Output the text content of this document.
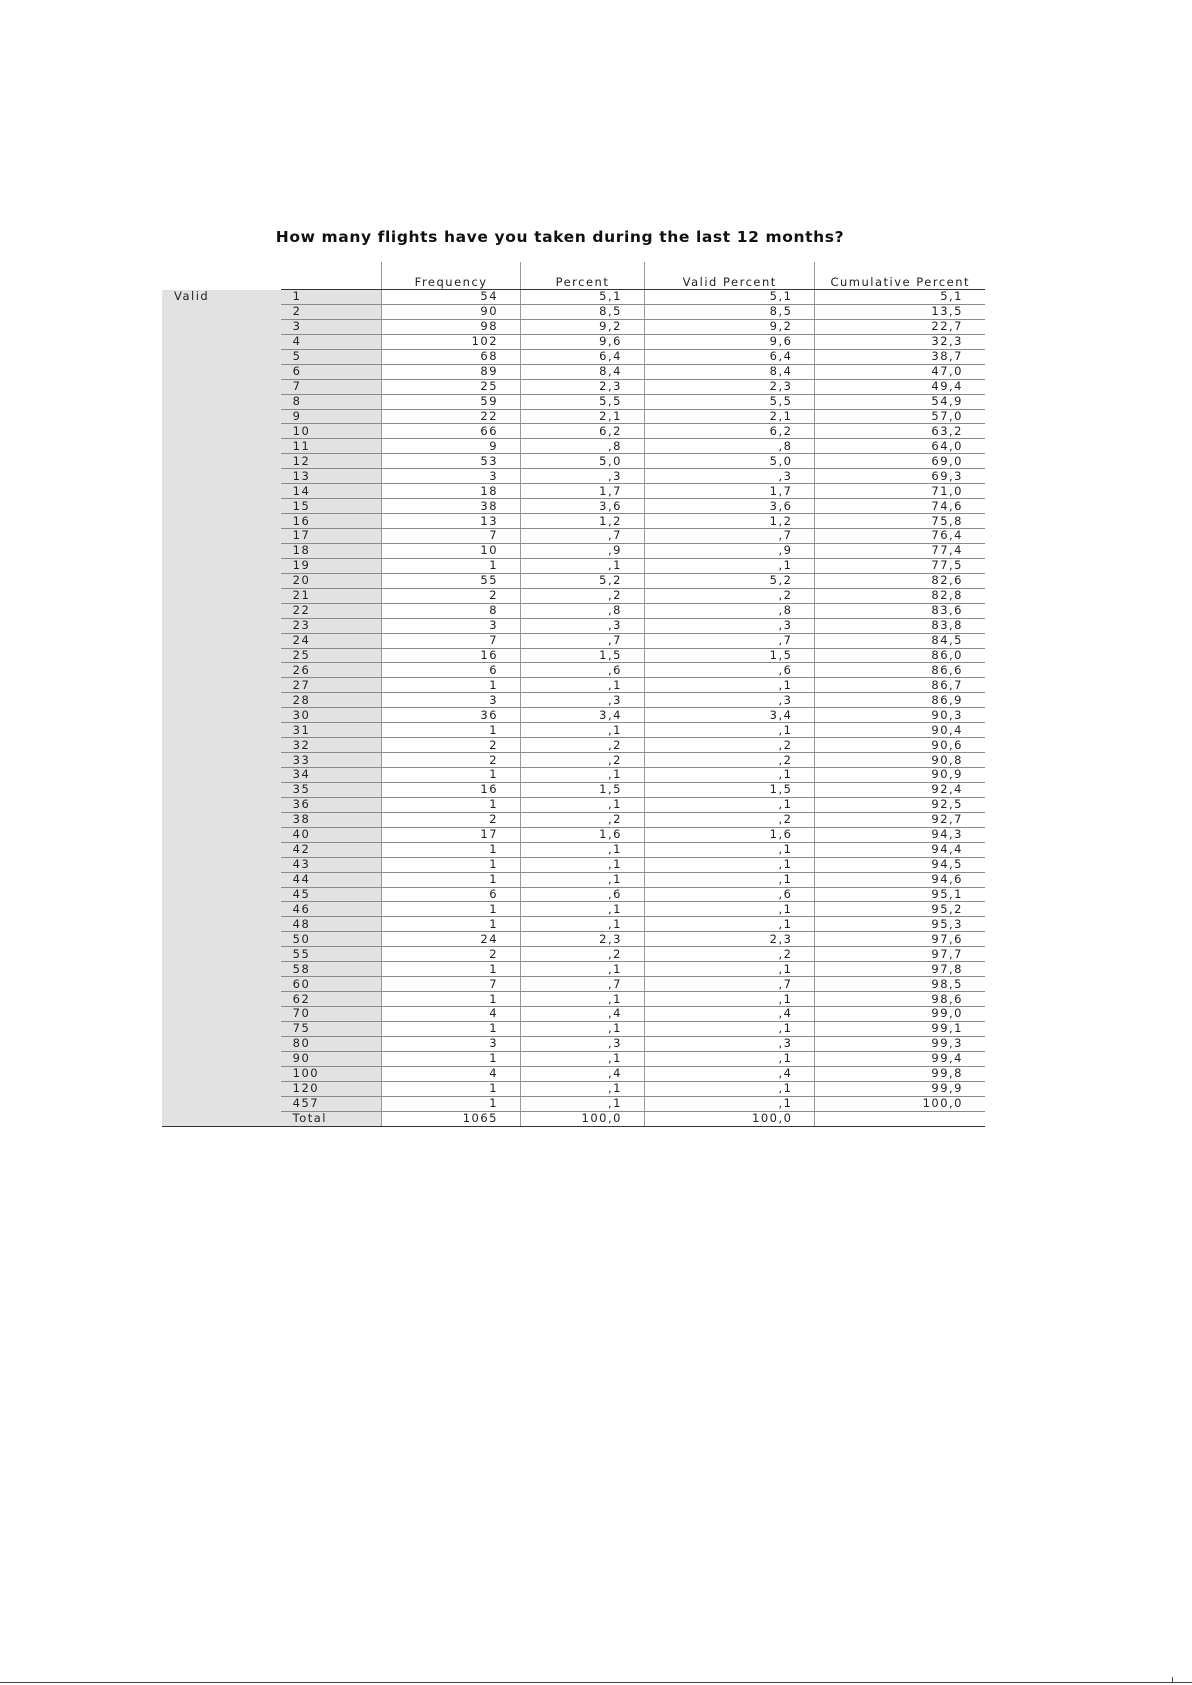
How many flights have you taken during the last 12 months?
		Frequency	Percent	Valid Percent	Cumulative Percent
Valid	1	54	5,1	5,1	5,1
	2	90	8,5	8,5	13,5
	3	98	9,2	9,2	22,7
	4	102	9,6	9,6	32,3
	5	68	6,4	6,4	38,7
	6	89	8,4	8,4	47,0
	7	25	2,3	2,3	49,4
	8	59	5,5	5,5	54,9
	9	22	2,1	2,1	57,0
	10	66	6,2	6,2	63,2
	11	9	,8	,8	64,0
	12	53	5,0	5,0	69,0
	13	3	,3	,3	69,3
	14	18	1,7	1,7	71,0
	15	38	3,6	3,6	74,6
	16	13	1,2	1,2	75,8
	17	7	,7	,7	76,4
	18	10	,9	,9	77,4
	19	1	,1	,1	77,5
	20	55	5,2	5,2	82,6
	21	2	,2	,2	82,8
	22	8	,8	,8	83,6
	23	3	,3	,3	83,8
	24	7	,7	,7	84,5
	25	16	1,5	1,5	86,0
	26	6	,6	,6	86,6
	27	1	,1	,1	86,7
	28	3	,3	,3	86,9
	30	36	3,4	3,4	90,3
	31	1	,1	,1	90,4
	32	2	,2	,2	90,6
	33	2	,2	,2	90,8
	34	1	,1	,1	90,9
	35	16	1,5	1,5	92,4
	36	1	,1	,1	92,5
	38	2	,2	,2	92,7
	40	17	1,6	1,6	94,3
	42	1	,1	,1	94,4
	43	1	,1	,1	94,5
	44	1	,1	,1	94,6
	45	6	,6	,6	95,1
	46	1	,1	,1	95,2
	48	1	,1	,1	95,3
	50	24	2,3	2,3	97,6
	55	2	,2	,2	97,7
	58	1	,1	,1	97,8
	60	7	,7	,7	98,5
	62	1	,1	,1	98,6
	70	4	,4	,4	99,0
	75	1	,1	,1	99,1
	80	3	,3	,3	99,3
	90	1	,1	,1	99,4
	100	4	,4	,4	99,8
	120	1	,1	,1	99,9
	457	1	,1	,1	100,0
	Total	1065	100,0	100,0	
